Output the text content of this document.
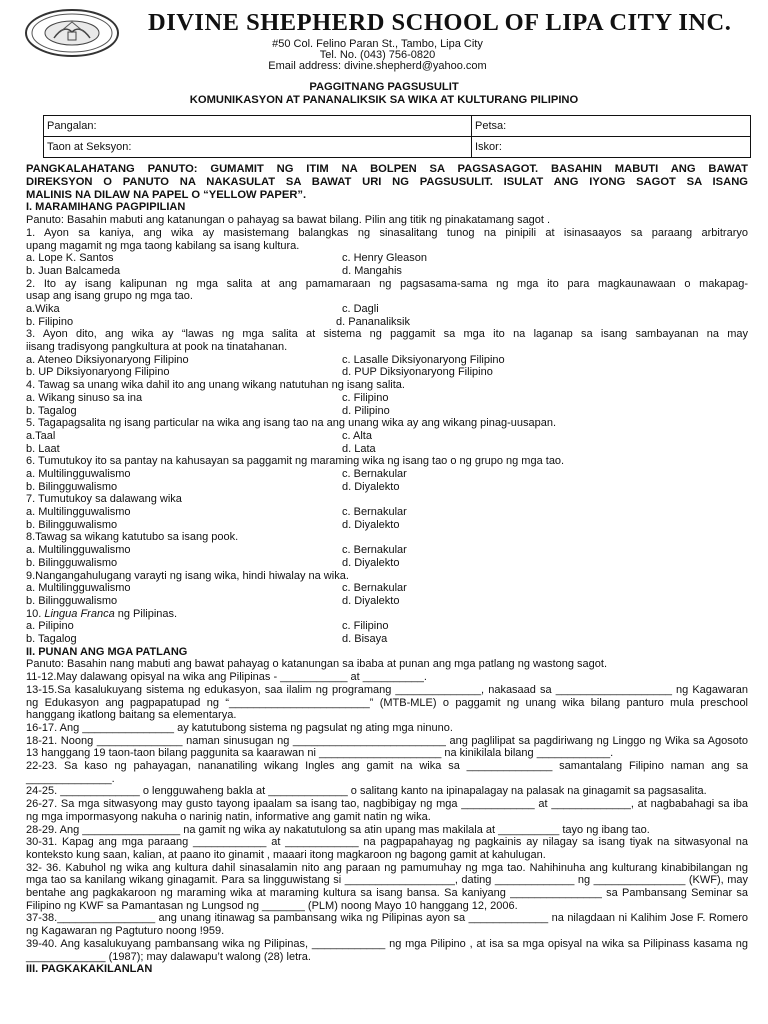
DIVINE SHEPHERD SCHOOL OF LIPA CITY INC.
#50 Col. Felino Paran St., Tambo, Lipa City
Tel. No. (043) 756-0820
Email address: divine.shepherd@yahoo.com
PAGGITNANG PAGSUSULIT
KOMUNIKASYON AT PANANALIKSIK SA WIKA AT KULTURANG PILIPINO
Pangalan:	Petsa:
Taon at Seksyon:	Iskor:

PANGKALAHATANG PANUTO: GUMAMIT NG ITIM NA BOLPEN SA PAGSASAGOT. BASAHIN MABUTI ANG BAWAT

DIREKSYON O PANUTO NA NAKASULAT SA BAWAT URI NG PAGSUSULIT. ISULAT ANG IYONG SAGOT SA ISANG

MALINIS NA DILAW NA PAPEL O “YELLOW PAPER”.

I. MARAMIHANG PAGPIPILIAN

Panuto: Basahin mabuti ang katanungan o pahayag sa bawat bilang. Pilin ang titik ng pinakatamang sagot .

1. Ayon sa kaniya, ang wika ay masistemang balangkas ng sinasalitang tunog na pinipili at isinasaayos sa paraang arbitraryo

upang magamit ng mga taong kabilang sa isang kultura.

a. Lope K. Santos	c. Henry Gleason
b. Juan Balcameda	d. Mangahis

2. Ito ay isang kalipunan ng mga salita at ang pamamaraan ng pagsasama-sama ng mga ito para magkaunawaan o makapag-

usap ang isang grupo ng mga tao.

a.Wika	c. Dagli
b. Filipino	d. Pananaliksik

3. Ayon dito, ang wika ay “lawas ng mga salita at sistema ng paggamit sa mga ito na laganap sa isang sambayanan na may

iisang tradisyong pangkultura at pook na tinatahanan.

a. Ateneo Diksiyonaryong Filipino	c. Lasalle Diksiyonaryong Filipino
b. UP Diksiyonaryong Filipino	d. PUP Diksiyonaryong Filipino

4. Tawag sa unang wika dahil ito ang unang wikang natutuhan ng isang salita.

a. Wikang sinuso sa ina	c. Filipino
b. Tagalog	d. Pilipino

5. Tagapagsalita ng isang particular na wika ang isang tao na ang unang wika ay ang wikang pinag-uusapan.

a.Taal	c. Alta
b. Laat	d. Lata

6. Tumutukoy ito sa pantay na kahusayan sa paggamit ng maraming wika ng isang tao o ng grupo ng mga tao.

a. Multilingguwalismo	c. Bernakular
b. Bilingguwalismo	d. Diyalekto

7. Tumutukoy sa dalawang wika

a. Multilingguwalismo	c. Bernakular
b. Bilingguwalismo	d. Diyalekto

8.Tawag sa wikang katutubo sa isang pook.

a. Multilingguwalismo	c. Bernakular
b. Bilingguwalismo	d. Diyalekto

9.Nangangahulugang varayti ng isang wika, hindi hiwalay na wika.

a. Multilingguwalismo	c. Bernakular
b. Bilingguwalismo	d. Diyalekto

10. Lingua Franca ng Pilipinas.

a. Pilipino	c. Filipino
b. Tagalog	d. Bisaya

II. PUNAN ANG MGA PATLANG

Panuto: Basahin nang mabuti ang bawat pahayag o katanungan sa ibaba at punan ang mga patlang ng wastong sagot.

11-12.May dalawang opisyal na wika ang Pilipinas - ___________ at __________.

13-15.Sa kasalukuyang sistema ng edukasyon, saa ilalim ng programang ______________, nakasaad sa ___________________ ng Kagawaran ng Edukasyon ang pagpapatupad ng “_______________________” (MTB-MLE) o paggamit ng unang wika bilang panturo mula preschool hanggang ikatlong baitang sa elementarya.

16-17. Ang _______________ ay katutubong sistema ng pagsulat ng ating mga ninuno.

18-21. Noong ______________ naman sinusugan ng _________________________ ang paglilipat sa pagdiriwang ng Linggo ng Wika sa Agosoto 13 hanggang 19 taon-taon bilang paggunita sa kaarawan ni ____________________ na kinikilala bilang ____________.

22-23. Sa kaso ng pahayagan, nananatiling wikang Ingles ang gamit na wika sa ______________ samantalang Filipino naman ang sa ______________.

24-25. _____________ o lengguwaheng bakla at _____________ o salitang kanto na ipinapalagay na palasak na ginagamit sa pagsasalita.

26-27. Sa mga sitwasyong may gusto tayong ipaalam sa isang tao, nagbibigay ng mga ____________ at _____________, at nagbabahagi sa iba ng mga impormasyong nakuha o narinig natin, informative ang gamit natin ng wika.

28-29. Ang ________________ na gamit ng wika ay nakatutulong sa atin upang mas makilala at __________ tayo ng ibang tao.

30-31. Kapag ang mga paraang ____________ at ____________ na pagpapahayag ng pagkainis ay nilagay sa isang tiyak na sitwasyonal na konteksto kung saan, kalian, at paano ito ginamit , maaari itong magkaroon ng bagong gamit at kahulugan.

32- 36. Kabuhol ng wika ang kultura dahil sinasalamin nito ang paraan ng pamumuhay ng mga tao. Nahihinuha ang kulturang kinabibilangan ng mga tao sa kanilang wikang ginagamit. Para sa lingguwistang si __________________, dating _____________ ng _______________ (KWF), may bentahe ang pagkakaroon ng maraming wika at maraming kultura sa isang bansa. Sa kaniyang _______________ sa Pambansang Seminar sa Filipino ng KWF sa Pamantasan ng Lungsod ng _______ (PLM) noong Mayo 10 hanggang 12, 2006.

37-38.________________ ang unang itinawag sa pambansang wika ng Pilipinas ayon sa _____________ na nilagdaan ni Kalihim Jose F. Romero ng Kagawaran ng Pagtuturo noong !959.

39-40. Ang kasalukuyang pambansang wika ng Pilipinas, ____________ ng mga Pilipino , at isa sa mga opisyal na wika sa Pilipinass kasama ng _____________ (1987); may dalawapu’t walong (28) letra.

III. PAGKAKAKILANLAN
